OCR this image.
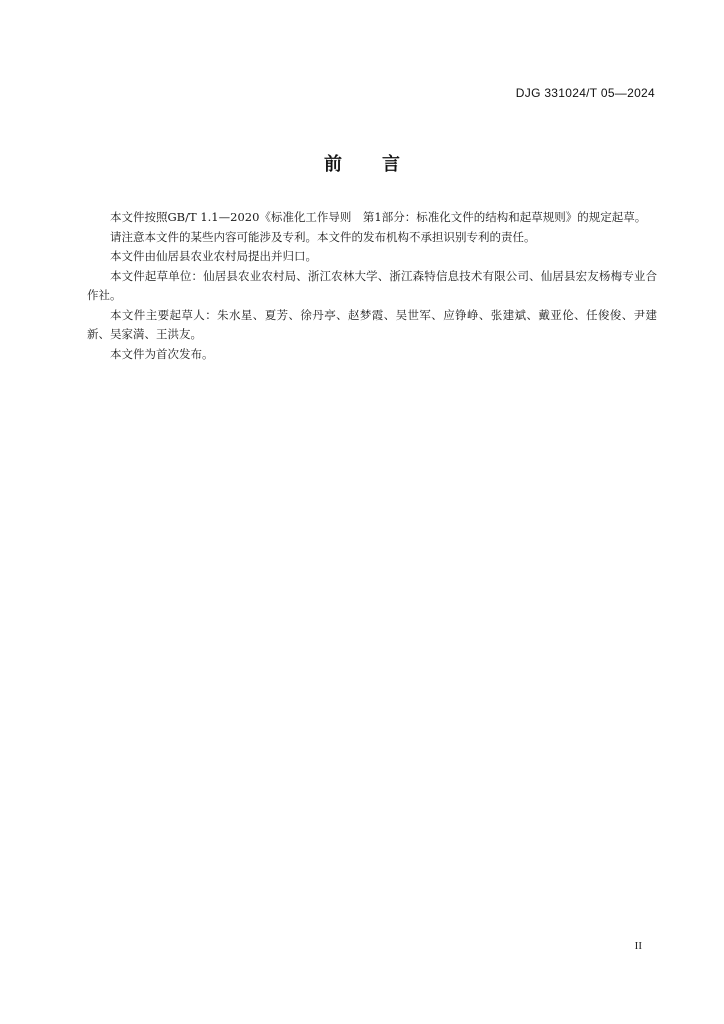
DJG 331024/T 05—2024
前言

本文件按照GB/T 1.1—2020《标准化工作导则　第1部分：标准化文件的结构和起草规则》的规定起草。

请注意本文件的某些内容可能涉及专利。本文件的发布机构不承担识别专利的责任。

本文件由仙居县农业农村局提出并归口。

本文件起草单位：仙居县农业农村局、浙江农林大学、浙江森特信息技术有限公司、仙居县宏友杨梅专业合作社。

本文件主要起草人：朱水星、夏芳、徐丹亭、赵梦霞、吴世军、应铮峥、张建斌、戴亚伦、任俊俊、尹建新、吴家満、王洪友。

本文件为首次发布。

II
